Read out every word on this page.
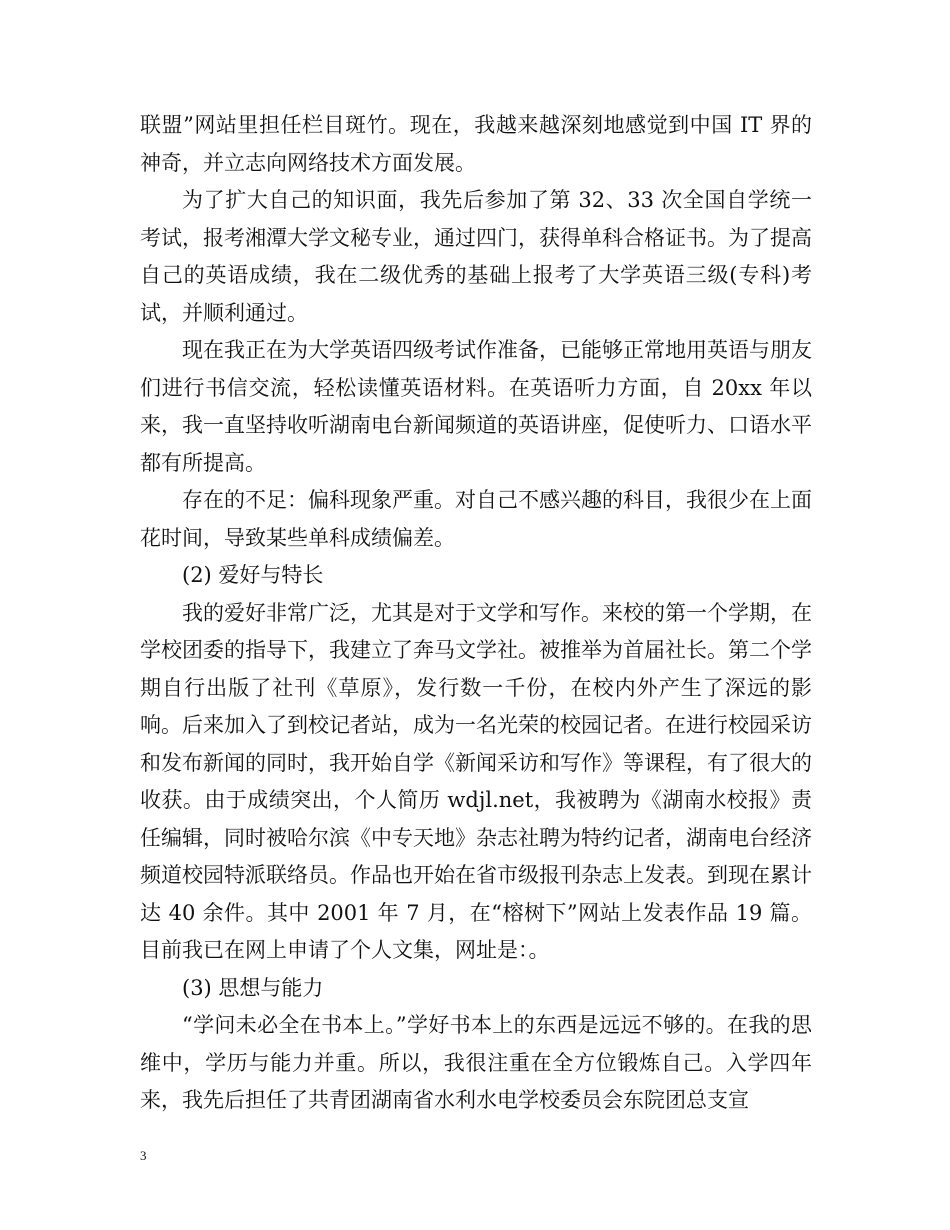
联盟”网站里担任栏目斑竹。现在，我越来越深刻地感觉到中国 IT 界的神奇，并立志向网络技术方面发展。

为了扩大自己的知识面，我先后参加了第 32、33 次全国自学统一考试，报考湘潭大学文秘专业，通过四门，获得单科合格证书。为了提高自己的英语成绩，我在二级优秀的基础上报考了大学英语三级(专科)考试，并顺利通过。

现在我正在为大学英语四级考试作准备，已能够正常地用英语与朋友们进行书信交流，轻松读懂英语材料。在英语听力方面，自 20xx 年以来，我一直坚持收听湖南电台新闻频道的英语讲座，促使听力、口语水平都有所提高。

存在的不足：偏科现象严重。对自己不感兴趣的科目，我很少在上面花时间，导致某些单科成绩偏差。

(2) 爱好与特长

我的爱好非常广泛，尤其是对于文学和写作。来校的第一个学期，在学校团委的指导下，我建立了奔马文学社。被推举为首届社长。第二个学期自行出版了社刊《草原》，发行数一千份，在校内外产生了深远的影响。后来加入了到校记者站，成为一名光荣的校园记者。在进行校园采访和发布新闻的同时，我开始自学《新闻采访和写作》等课程，有了很大的收获。由于成绩突出，个人简历 wdjl.net，我被聘为《湖南水校报》责任编辑，同时被哈尔滨《中专天地》杂志社聘为特约记者，湖南电台经济频道校园特派联络员。作品也开始在省市级报刊杂志上发表。到现在累计达 40 余件。其中 2001 年 7 月，在“榕树下”网站上发表作品 19 篇。目前我已在网上申请了个人文集，网址是：。

(3) 思想与能力

“学问未必全在书本上。”学好书本上的东西是远远不够的。在我的思维中，学历与能力并重。所以，我很注重在全方位锻炼自己。入学四年来，我先后担任了共青团湖南省水利水电学校委员会东院团总支宣

3
